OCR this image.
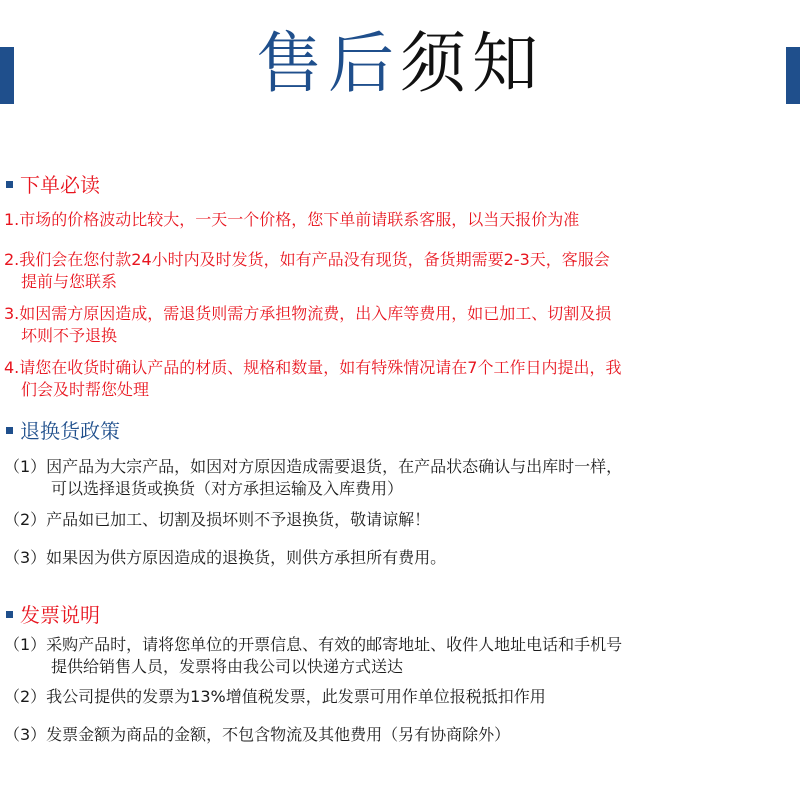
售后须知
下单必读
1.市场的价格波动比较大，一天一个价格，您下单前请联系客服，以当天报价为准
2.我们会在您付款24小时内及时发货，如有产品没有现货，备货期需要2-3天，客服会
提前与您联系
3.如因需方原因造成，需退货则需方承担物流费，出入库等费用，如已加工、切割及损
坏则不予退换
4.请您在收货时确认产品的材质、规格和数量，如有特殊情况请在7个工作日内提出，我
们会及时帮您处理
退换货政策
（1）因产品为大宗产品，如因对方原因造成需要退货，在产品状态确认与出库时一样，
可以选择退货或换货（对方承担运输及入库费用）
（2）产品如已加工、切割及损坏则不予退换货，敬请谅解！
（3）如果因为供方原因造成的退换货，则供方承担所有费用。
发票说明
（1）采购产品时，请将您单位的开票信息、有效的邮寄地址、收件人地址电话和手机号
提供给销售人员，发票将由我公司以快递方式送达
（2）我公司提供的发票为13%增值税发票，此发票可用作单位报税抵扣作用
（3）发票金额为商品的金额，不包含物流及其他费用（另有协商除外）
